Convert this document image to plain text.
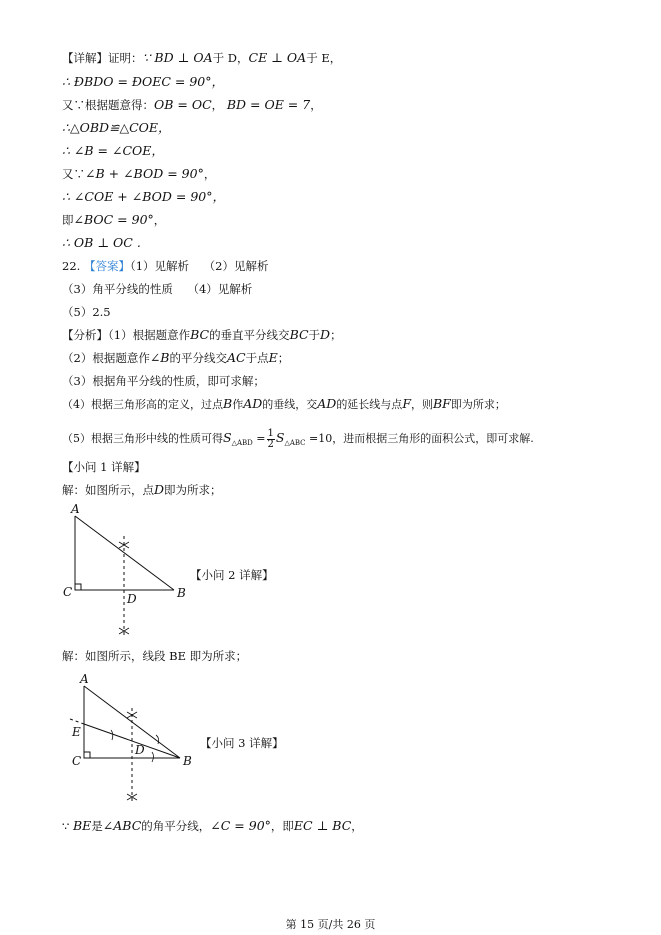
【详解】证明：∵ BD ⊥ OA于 D，CE ⊥ OA于 E，
∴ ÐBDO = ÐOEC = 90°，
又∵根据题意得：OB = OC， BD = OE = 7，
∴△OBD≌△COE，
∴ ∠B = ∠COE，
又∵∠B + ∠BOD = 90°，
∴ ∠COE + ∠BOD = 90°，
即∠BOC = 90°，
∴ OB ⊥ OC .
22. 【答案】（1）见解析 （2）见解析
（3）角平分线的性质 （4）见解析
（5）2.5
【分析】（1）根据题意作BC的垂直平分线交BC于D；
（2）根据题意作∠B的平分线交AC于点E；
（3）根据角平分线的性质，即可求解；
（4）根据三角形高的定义，过点B作AD的垂线，交AD的延长线与点F，则BF即为所求；
（5）根据三角形中线的性质可得$S_{\triangle ABD} = \frac{1}{2} S_{\triangle ABC} =10$，进而根据三角形的面积公式，即可求解.
【小问 1 详解】
解：如图所示，点D即为所求；
A
C	D	B
【小问 2 详解】
解：如图所示，线段 BE 即为所求；
A
E
C
D
B
【小问 3 详解】
∵ BE是∠ABC的角平分线，∠C = 90°，即EC ⊥ BC，
第 15 页/共 26 页
